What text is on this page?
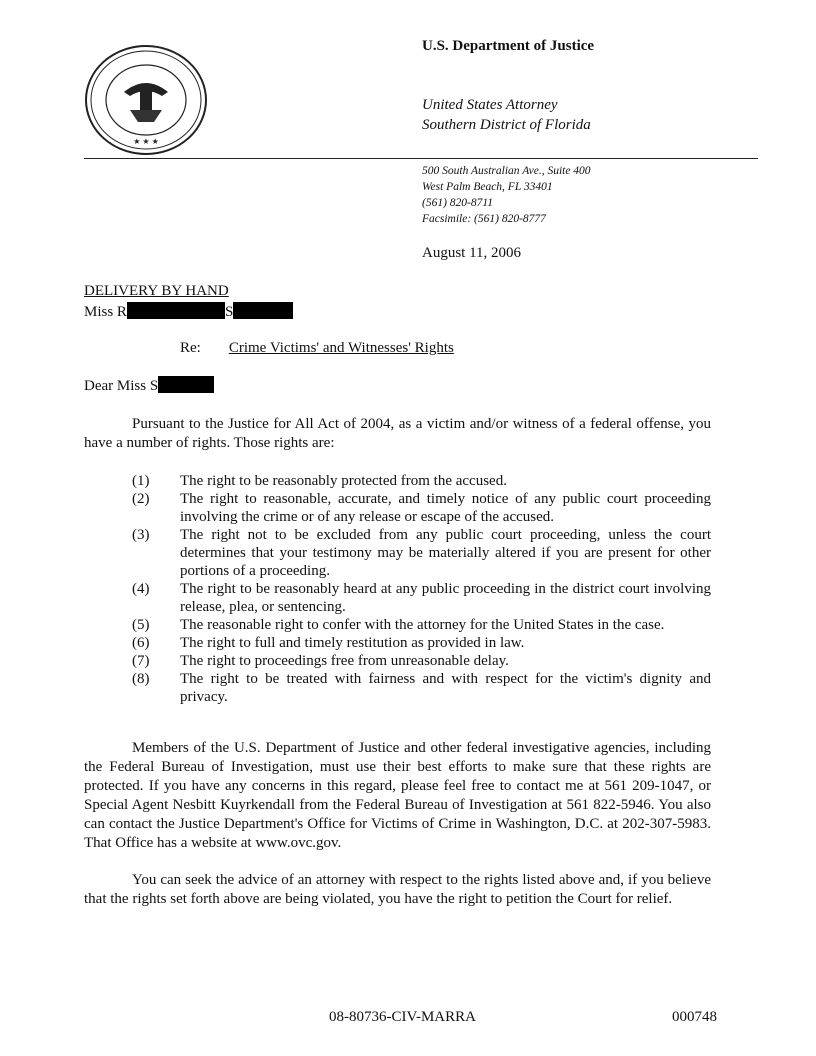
★ ★ ★
U.S. Department of Justice
United States Attorney
Southern District of Florida
500 South Australian Ave., Suite 400
West Palm Beach, FL 33401
(561) 820-8711
Facsimile: (561) 820-8777
August 11, 2006
DELIVERY BY HAND
Miss R	S
Re: Crime Victims' and Witnesses' Rights
Dear Miss S
Pursuant to the Justice for All Act of 2004, as a victim and/or witness of a federal offense, you have a number of rights. Those rights are:
(1)	The right to be reasonably protected from the accused.
(2)	The right to reasonable, accurate, and timely notice of any public court proceeding involving the crime or of any release or escape of the accused.
(3)	The right not to be excluded from any public court proceeding, unless the court determines that your testimony may be materially altered if you are present for other portions of a proceeding.
(4)	The right to be reasonably heard at any public proceeding in the district court involving release, plea, or sentencing.
(5)	The reasonable right to confer with the attorney for the United States in the case.
(6)	The right to full and timely restitution as provided in law.
(7)	The right to proceedings free from unreasonable delay.
(8)	The right to be treated with fairness and with respect for the victim's dignity and privacy.
Members of the U.S. Department of Justice and other federal investigative agencies, including the Federal Bureau of Investigation, must use their best efforts to make sure that these rights are protected. If you have any concerns in this regard, please feel free to contact me at 561 209-1047, or Special Agent Nesbitt Kuyrkendall from the Federal Bureau of Investigation at 561 822-5946. You also can contact the Justice Department's Office for Victims of Crime in Washington, D.C. at 202-307-5983. That Office has a website at www.ovc.gov.
You can seek the advice of an attorney with respect to the rights listed above and, if you believe that the rights set forth above are being violated, you have the right to petition the Court for relief.
08-80736-CIV-MARRA	000748
